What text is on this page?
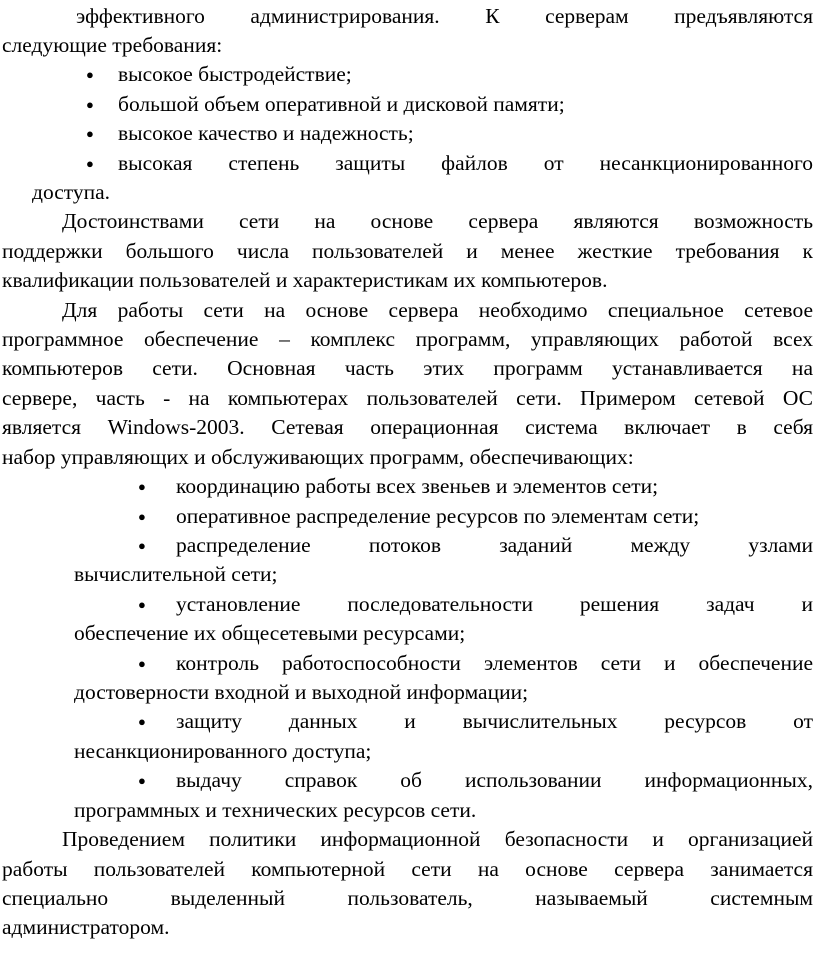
эффективного администрирования. К серверам предъявляются
следующие требования:
● высокое быстродействие;
● большой объем оперативной и дисковой памяти;
● высокое качество и надежность;
● высокая степень защиты файлов от несанкционированного
доступа.
Достоинствами сети на основе сервера являются возможность
поддержки большого числа пользователей и менее жесткие требования к
квалификации пользователей и характеристикам их компьютеров.
Для работы сети на основе сервера необходимо специальное сетевое
программное обеспечение – комплекс программ, управляющих работой всех
компьютеров сети. Основная часть этих программ устанавливается на
сервере, часть - на компьютерах пользователей сети. Примером сетевой ОС
является Windows-2003. Сетевая операционная система включает в себя
набор управляющих и обслуживающих программ, обеспечивающих:
● координацию работы всех звеньев и элементов сети;
● оперативное распределение ресурсов по элементам сети;
● распределение потоков заданий между узлами
вычислительной сети;
● установление последовательности решения задач и
обеспечение их общесетевыми ресурсами;
● контроль работоспособности элементов сети и обеспечение
достоверности входной и выходной информации;
● защиту данных и вычислительных ресурсов от
несанкционированного доступа;
● выдачу справок об использовании информационных,
программных и технических ресурсов сети.
Проведением политики информационной безопасности и организацией
работы пользователей компьютерной сети на основе сервера занимается
специально выделенный пользователь, называемый системным
администратором.
